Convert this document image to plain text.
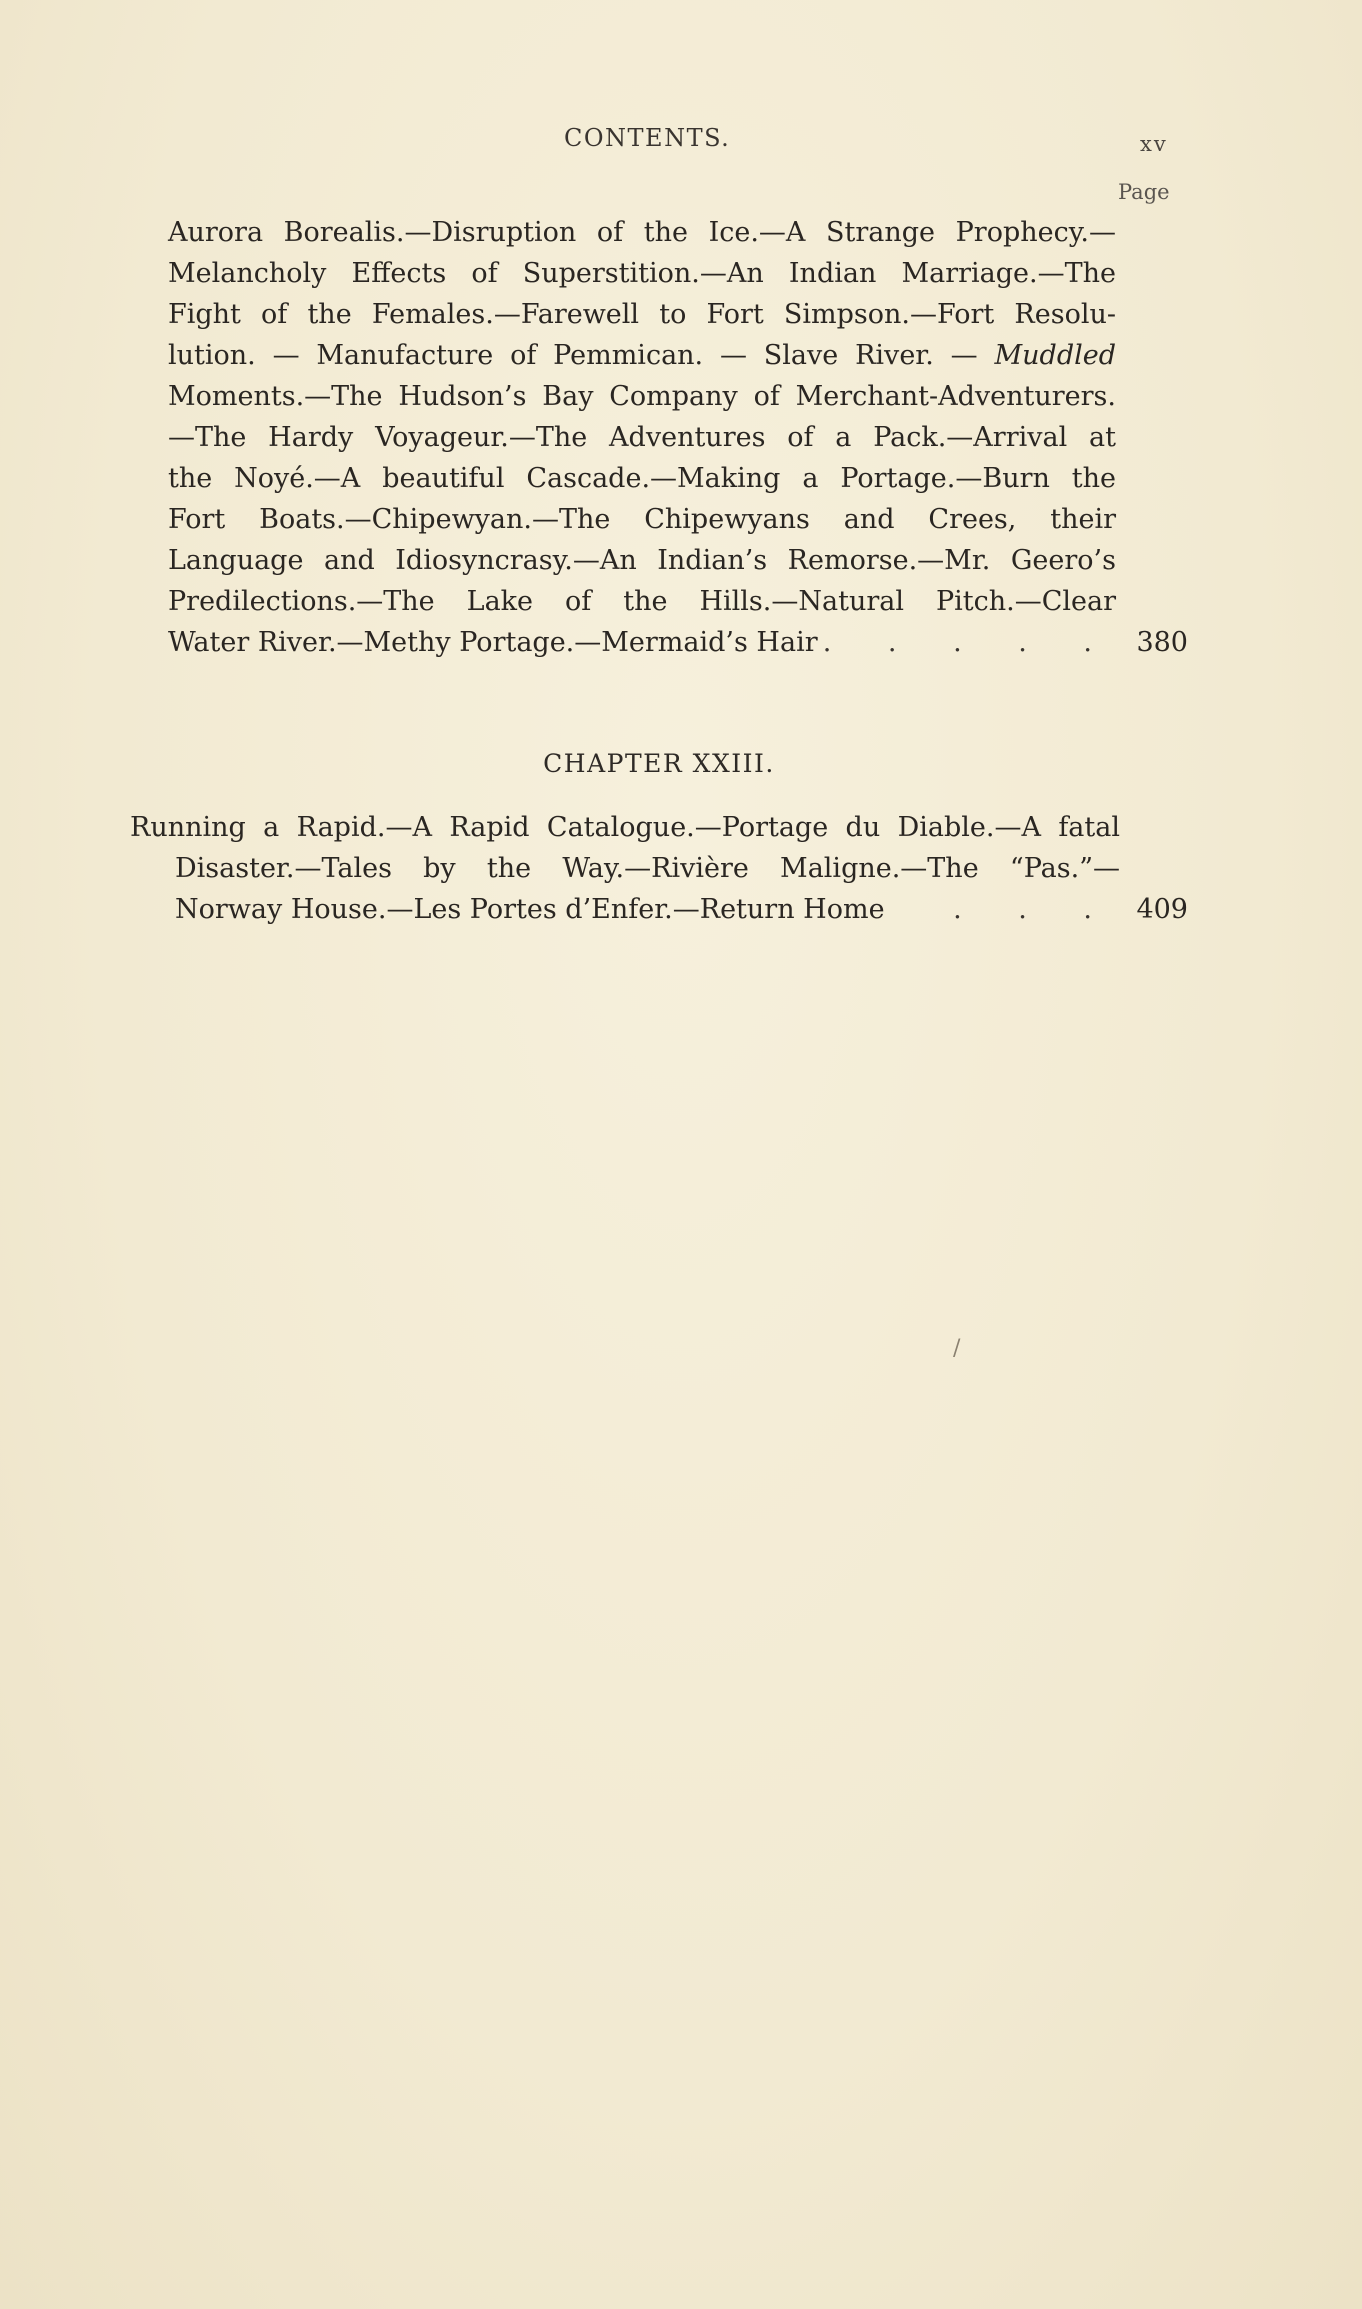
CONTENTS.	xv
Page
Aurora Borealis.—Disruption of the Ice.—A Strange Prophecy.—
Melancholy Effects of Superstition.—An Indian Marriage.—The
Fight of the Females.—Farewell to Fort Simpson.—Fort Resolu-
lution. — Manufacture of Pemmican. — Slave River. — Muddled
Moments.—The Hudson’s Bay Company of Merchant-Adventurers.
—The Hardy Voyageur.—The Adventures of a Pack.—Arrival at
the Noyé.—A beautiful Cascade.—Making a Portage.—Burn the
Fort Boats.—Chipewyan.—The Chipewyans and Crees, their
Language and Idiosyncrasy.—An Indian’s Remorse.—Mr. Geero’s
Predilections.—The Lake of the Hills.—Natural Pitch.—Clear
Water River.—Methy Portage.—Mermaid’s Hair . . . . . 380
CHAPTER XXIII.
Running a Rapid.—A Rapid Catalogue.—Portage du Diable.—A fatal
Disaster.—Tales by the Way.—Rivière Maligne.—The “Pas.”—
Norway House.—Les Portes d’Enfer.—Return Home	. . . 409
/
